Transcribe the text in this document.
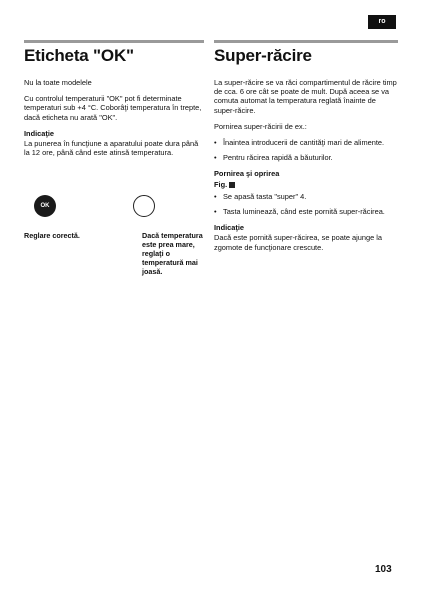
ro
Eticheta "OK"

Nu la toate modelele

Cu controlul temperaturii "OK" pot fi determinate temperaturi sub +4 °C. Coborâţi temperatura în trepte, dacă eticheta nu arată "OK".

Indicaţie

La punerea în funcţiune a aparatului poate dura până la 12 ore, până când este atinsă temperatura.

OK
Reglare corectă.	Dacă temperatura este prea mare, reglaţi o temperatură mai joasă.
Super-răcire

La super-răcire se va răci compartimentul de răcire timp de cca. 6 ore cât se poate de mult. După aceea se va comuta automat la temperatura reglată înainte de super-răcire.

Pornirea super-răcirii de ex.:

• Înaintea introducerii de cantităţi mari de alimente.
• Pentru răcirea rapidă a băuturilor.
Pornirea şi oprirea
Fig.
• Se apasă tasta "super" 4.
• Tasta luminează, când este pornită super-răcirea.
Indicaţie

Dacă este pornită super-răcirea, se poate ajunge la zgomote de funcţionare crescute.

103
